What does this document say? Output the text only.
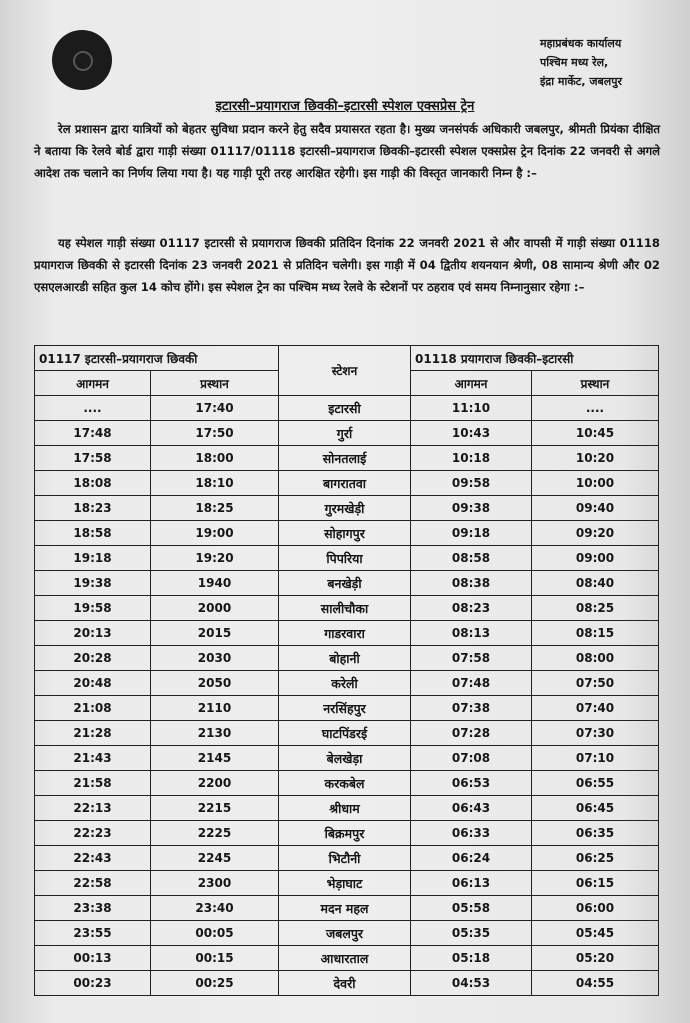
महाप्रबंधक कार्यालय
पश्चिम मध्य रेल,
इंद्रा मार्केट, जबलपुर
इटारसी–प्रयागराज छिवकी–इटारसी स्पेशल एक्सप्रेस ट्रेन
रेल प्रशासन द्वारा यात्रियों को बेहतर सुविधा प्रदान करने हेतु सदैव प्रयासरत रहता है। मुख्य जनसंपर्क अधिकारी जबलपुर, श्रीमती प्रियंका दीक्षित ने बताया कि रेलवे बोर्ड द्वारा गाड़ी संख्या 01117/01118 इटारसी–प्रयागराज छिवकी–इटारसी स्पेशल एक्सप्रेस ट्रेन दिनांक 22 जनवरी से अगले आदेश तक चलाने का निर्णय लिया गया है। यह गाड़ी पूरी तरह आरक्षित रहेगी। इस गाड़ी की विस्तृत जानकारी निम्न है :–
यह स्पेशल गाड़ी संख्या 01117 इटारसी से प्रयागराज छिवकी प्रतिदिन दिनांक 22 जनवरी 2021 से और वापसी में गाड़ी संख्या 01118 प्रयागराज छिवकी से इटारसी दिनांक 23 जनवरी 2021 से प्रतिदिन चलेगी। इस गाड़ी में 04 द्वितीय शयनयान श्रेणी, 08 सामान्य श्रेणी और 02 एसएलआरडी सहित कुल 14 कोच होंगे। इस स्पेशल ट्रेन का पश्चिम मध्य रेलवे के स्टेशनों पर ठहराव एवं समय निम्नानुसार रहेगा :–
01117 इटारसी–प्रयागराज छिवकी		स्टेशन	01118 प्रयागराज छिवकी–इटारसी	
आगमन	प्रस्थान		आगमन	प्रस्थान
....	17:40	इटारसी	11:10	....
17:48	17:50	गुर्रा	10:43	10:45
17:58	18:00	सोनतलाई	10:18	10:20
18:08	18:10	बागरातवा	09:58	10:00
18:23	18:25	गुरमखेड़ी	09:38	09:40
18:58	19:00	सोहागपुर	09:18	09:20
19:18	19:20	पिपरिया	08:58	09:00
19:38	1940	बनखेड़ी	08:38	08:40
19:58	2000	सालीचौका	08:23	08:25
20:13	2015	गाडरवारा	08:13	08:15
20:28	2030	बोहानी	07:58	08:00
20:48	2050	करेली	07:48	07:50
21:08	2110	नरसिंहपुर	07:38	07:40
21:28	2130	घाटपिंडरई	07:28	07:30
21:43	2145	बेलखेड़ा	07:08	07:10
21:58	2200	करकबेल	06:53	06:55
22:13	2215	श्रीधाम	06:43	06:45
22:23	2225	बिक्रमपुर	06:33	06:35
22:43	2245	भिटौनी	06:24	06:25
22:58	2300	भेड़ाघाट	06:13	06:15
23:38	23:40	मदन महल	05:58	06:00
23:55	00:05	जबलपुर	05:35	05:45
00:13	00:15	आधारताल	05:18	05:20
00:23	00:25	देवरी	04:53	04:55
